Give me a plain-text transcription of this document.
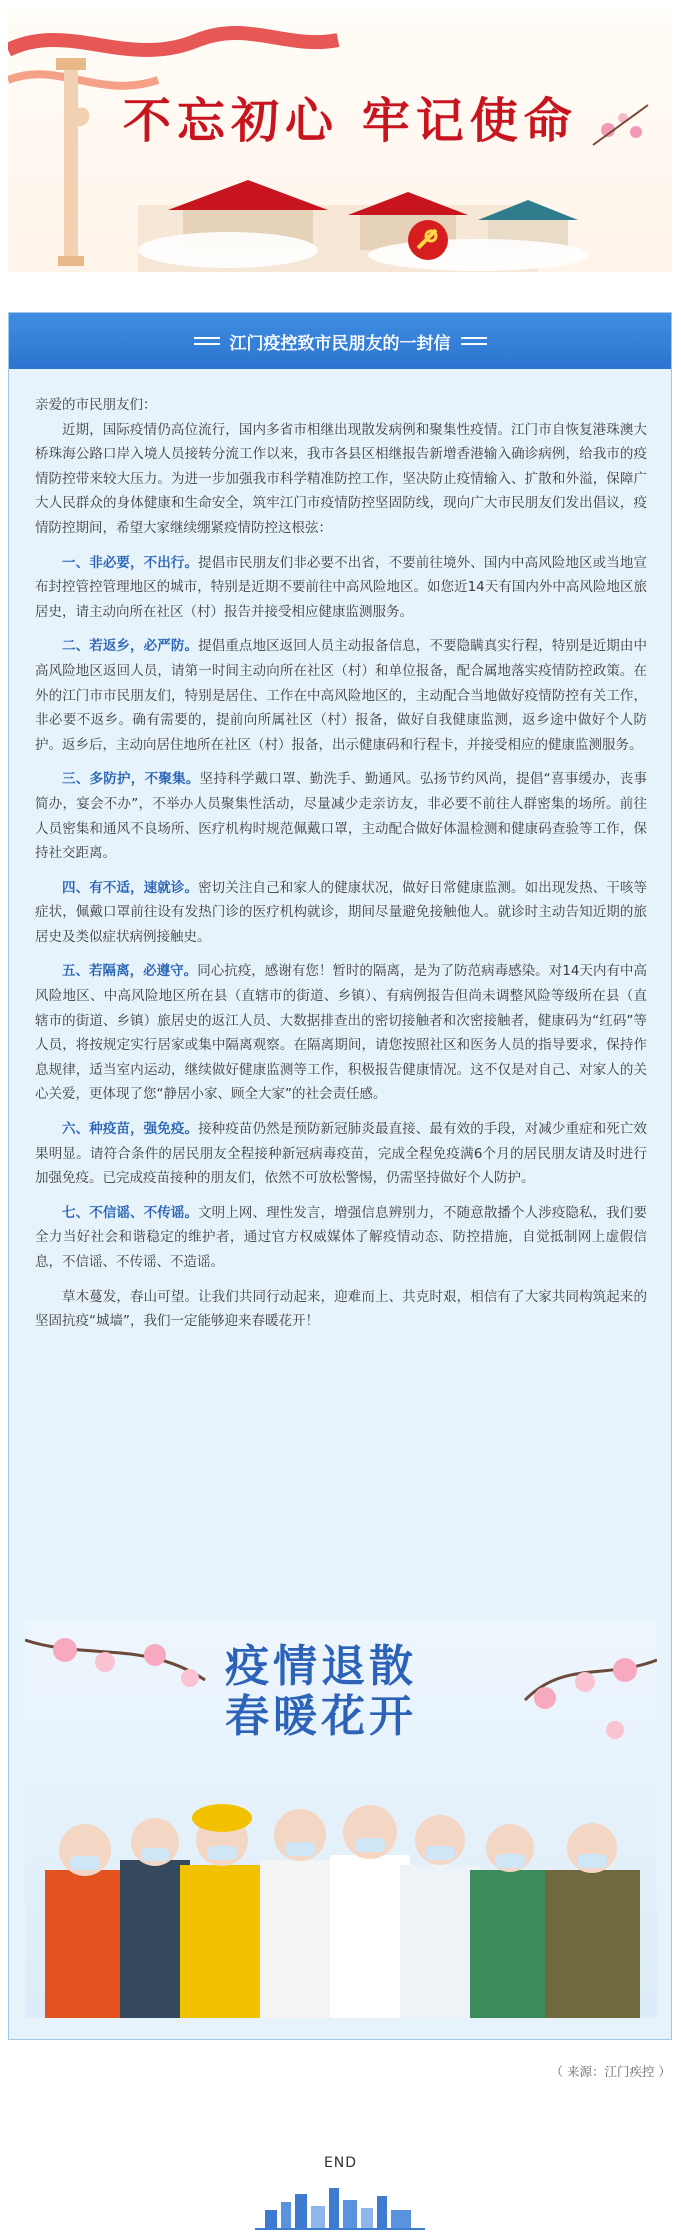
不忘初心 牢记使命
江门疫控致市民朋友的一封信

亲爱的市民朋友们：

近期，国际疫情仍高位流行，国内多省市相继出现散发病例和聚集性疫情。江门市自恢复港珠澳大桥珠海公路口岸入境人员接转分流工作以来，我市各县区相继报告新增香港输入确诊病例，给我市的疫情防控带来较大压力。为进一步加强我市科学精准防控工作，坚决防止疫情输入、扩散和外溢，保障广大人民群众的身体健康和生命安全，筑牢江门市疫情防控坚固防线，现向广大市民朋友们发出倡议，疫情防控期间，希望大家继续绷紧疫情防控这根弦：

一、非必要，不出行。提倡市民朋友们非必要不出省，不要前往境外、国内中高风险地区或当地宣布封控管控管理地区的城市，特别是近期不要前往中高风险地区。如您近14天有国内外中高风险地区旅居史，请主动向所在社区（村）报告并接受相应健康监测服务。

二、若返乡，必严防。提倡重点地区返回人员主动报备信息，不要隐瞒真实行程，特别是近期由中高风险地区返回人员，请第一时间主动向所在社区（村）和单位报备，配合属地落实疫情防控政策。在外的江门市市民朋友们，特别是居住、工作在中高风险地区的，主动配合当地做好疫情防控有关工作，非必要不返乡。确有需要的，提前向所属社区（村）报备，做好自我健康监测，返乡途中做好个人防护。返乡后，主动向居住地所在社区（村）报备，出示健康码和行程卡，并接受相应的健康监测服务。

三、多防护，不聚集。坚持科学戴口罩、勤洗手、勤通风。弘扬节约风尚，提倡“喜事缓办，丧事简办，宴会不办”，不举办人员聚集性活动，尽量减少走亲访友，非必要不前往人群密集的场所。前往人员密集和通风不良场所、医疗机构时规范佩戴口罩，主动配合做好体温检测和健康码查验等工作，保持社交距离。

四、有不适，速就诊。密切关注自己和家人的健康状况，做好日常健康监测。如出现发热、干咳等症状，佩戴口罩前往设有发热门诊的医疗机构就诊，期间尽量避免接触他人。就诊时主动告知近期的旅居史及类似症状病例接触史。

五、若隔离，必遵守。同心抗疫，感谢有您！暂时的隔离，是为了防范病毒感染。对14天内有中高风险地区、中高风险地区所在县（直辖市的街道、乡镇）、有病例报告但尚未调整风险等级所在县（直辖市的街道、乡镇）旅居史的返江人员、大数据排查出的密切接触者和次密接触者，健康码为“红码”等人员，将按规定实行居家或集中隔离观察。在隔离期间，请您按照社区和医务人员的指导要求，保持作息规律，适当室内运动，继续做好健康监测等工作，积极报告健康情况。这不仅是对自己、对家人的关心关爱，更体现了您“静居小家、顾全大家”的社会责任感。

六、种疫苗，强免疫。接种疫苗仍然是预防新冠肺炎最直接、最有效的手段，对减少重症和死亡效果明显。请符合条件的居民朋友全程接种新冠病毒疫苗，完成全程免疫满6个月的居民朋友请及时进行加强免疫。已完成疫苗接种的朋友们，依然不可放松警惕，仍需坚持做好个人防护。

七、不信谣、不传谣。文明上网、理性发言，增强信息辨别力，不随意散播个人涉疫隐私，我们要全力当好社会和谐稳定的维护者，通过官方权威媒体了解疫情动态、防控措施，自觉抵制网上虚假信息，不信谣、不传谣、不造谣。

草木蔓发，春山可望。让我们共同行动起来，迎难而上、共克时艰，相信有了大家共同构筑起来的坚固抗疫“城墙”，我们一定能够迎来春暖花开！

疫情退散
春暖花开
（ 来源：江门疾控 ）
END
